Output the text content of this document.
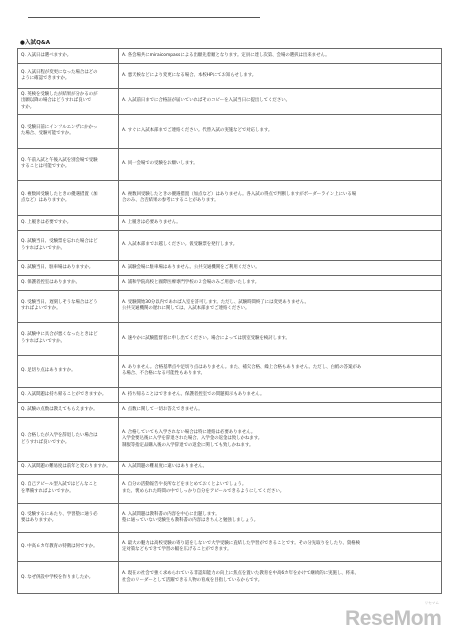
●入試Q&A
Q. 入試日は選べますか。	A. 各会場共にmiraicompassによる出願先着順となります。定員に達し次第、会場の選択は出来ません。

Q. 入試日程が変更になった場合はどの
ように確認できますか。	A. 悪天候などにより変更になる場合、本校HPにてお知らせします。

Q. 英検を受験したが結果が分かるのが
出願以降の場合はどうすれば良いで
すか。	A. 入試前日までに合格証が届いていればそのコピーを入試当日に提出してください。

Q. 受験日前にインフルエンザにかかっ
た場合、受験可能ですか。	A. すぐに入試本部までご連絡ください。代替入試の実施などで対応します。

Q. 午前入試と午後入試を別会場で受験
することは可能ですか。	A. 同一会場での受験をお願いします。

Q. 複数回受験したときの優遇措置（加
点など）はありますか。	A. 複数回受験したときの優遇措置（加点など）はありません。各入試の得点で判断しますがボーダーライン上にいる場
合のみ、合否結果の参考にすることがあります。

Q. 上履きは必要ですか。	A. 上履きは必要ありません。

Q. 試験当日、受験票を忘れた場合はど
うすればよいですか。	A. 入試本部までお越しください。仮受験票を発行します。

Q. 試験当日、駐車場はありますか。	A. 試験会場に駐車場はありません。公共交通機関をご利用ください。

Q. 保護者控室はありますか。	A. 浦和学院高校と國際医療専門学校の２会場のみご用意いたします。

Q. 受験当日、遅刻しそうな場合はどう
すればよいですか。	A. 受験開始30分以内であれば入室を許可します。ただし、試験時間終了には変更ありません。
公共交通機関の遅れに関しては、入試本部までご連絡ください。

Q. 試験中に具合が悪くなったときはど
うすればよいですか。	A. 速やかに試験監督者に申し出てください。場合によっては別室受験を検討します。

Q. 足切り点はありますか。	A. ありません。合格基準点や足切り点はありません。また、補欠合格、繰上合格もありません。ただし、白紙の答案があ
る場合、不合格になる可能性もあります。

Q. 入試問題は持ち帰ることができますか。	A. 持ち帰ることはできません。保護者控室での問題掲示もありません。

Q. 試験の点数は教えてもらえますか。	A. 点数に関して一切お答えできません。

Q. 合格したが入学を辞退したい場合は
どうすれば良いですか。	A. 合格していても入学されない場合は特に連絡は必要ありません。
入学金要込後に入学を辞退された場合、入学金の返金は致しかねます。
制服等指定品購入後の入学辞退での返金に関しても致しかねます。

Q. 入試問題の難易度は前年と変わりますか。	A. 入試問題の難易度に違いはありません。

Q. 自己アピール型入試ではどんなこと
を準備すればよいですか。	A. 自分の活動報告や長所などをまとめておくとよいでしょう。
また、褒められた時間の中でしっかり自分をアピールできるようにしてください。

Q. 受験するにあたり、学習塾に通う必
要はありますか。	A. 入試問題は教科書の内容を中心に出題します。
塾に通っていない受験生も教科書の内容はきちんと勉強しましょう。

Q. 中高６カ年教育の特徴は何ですか。	A. 最大の魅力は高校受験の寄り道をしないで大学受験に直結した学習ができることです。その分先取りをしたり、資格検
定対策などもできて学習の幅を広げることができます。

Q. なぜ併設中学校を作りましたか。	A. 現在の社会で強く求められている非認知能力の向上に焦点を置いた教育を中高6カ年をかけて継続的に実施し、将来、
社会のリーダーとして活躍できる人物の育成を目指しているからです。
リセマム
ReseMom
